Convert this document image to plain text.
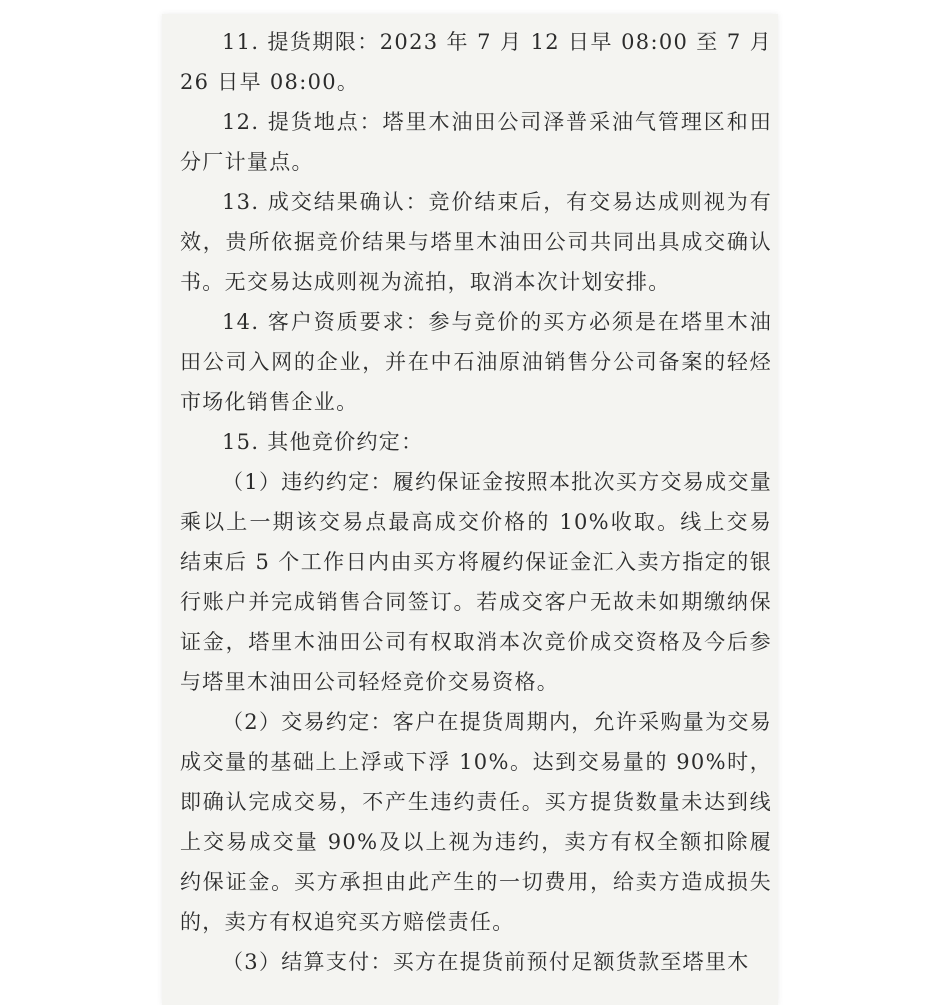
11. 提货期限：2023 年 7 月 12 日早 08:00 至 7 月 26 日早 08:00。

12. 提货地点：塔里木油田公司泽普采油气管理区和田分厂计量点。

13. 成交结果确认：竞价结束后，有交易达成则视为有效，贵所依据竞价结果与塔里木油田公司共同出具成交确认书。无交易达成则视为流拍，取消本次计划安排。

14. 客户资质要求：参与竞价的买方必须是在塔里木油田公司入网的企业，并在中石油原油销售分公司备案的轻烃市场化销售企业。

15. 其他竞价约定：

（1）违约约定：履约保证金按照本批次买方交易成交量乘以上一期该交易点最高成交价格的 10%收取。线上交易结束后 5 个工作日内由买方将履约保证金汇入卖方指定的银行账户并完成销售合同签订。若成交客户无故未如期缴纳保证金，塔里木油田公司有权取消本次竞价成交资格及今后参与塔里木油田公司轻烃竞价交易资格。

（2）交易约定：客户在提货周期内，允许采购量为交易成交量的基础上上浮或下浮 10%。达到交易量的 90%时，即确认完成交易，不产生违约责任。买方提货数量未达到线上交易成交量 90%及以上视为违约，卖方有权全额扣除履约保证金。买方承担由此产生的一切费用，给卖方造成损失的，卖方有权追究买方赔偿责任。

（3）结算支付：买方在提货前预付足额货款至塔里木
